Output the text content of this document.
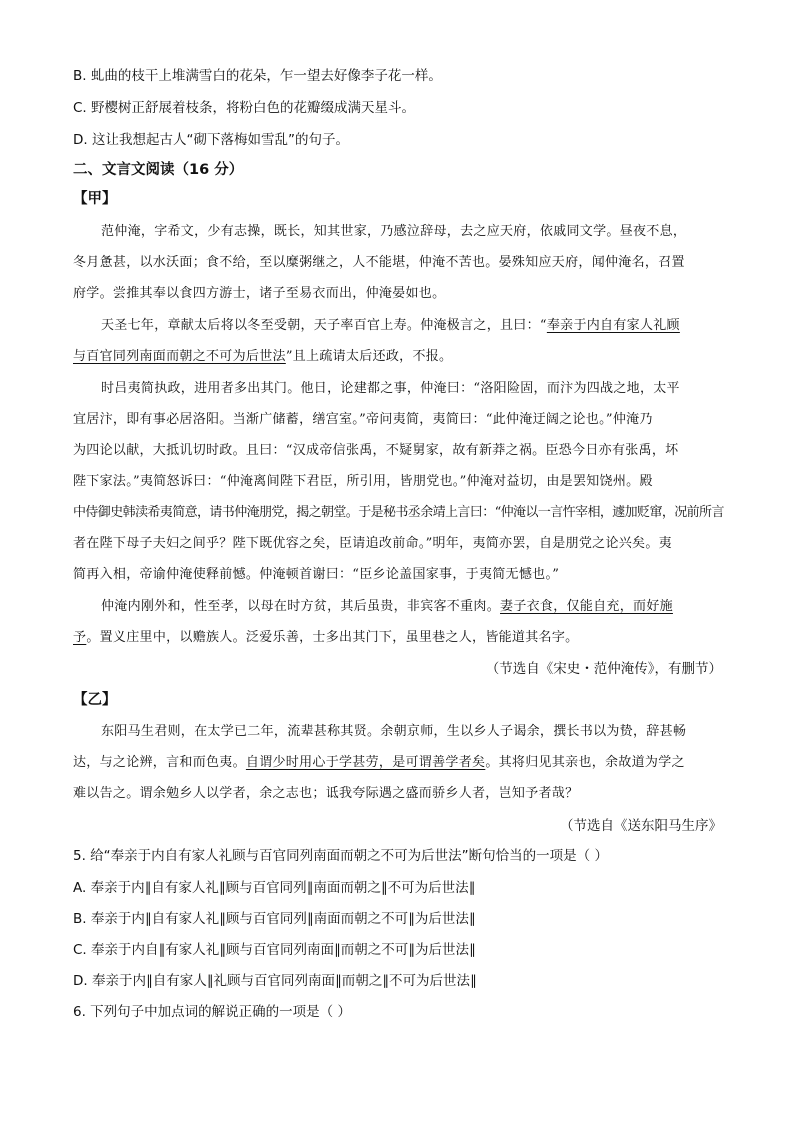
B. 虬曲的枝干上堆满雪白的花朵，乍一望去好像李子花一样。
C. 野樱树正舒展着枝条，将粉白色的花瓣缀成满天星斗。
D. 这让我想起古人“砌下落梅如雪乱”的句子。
二、文言文阅读（16 分）
【甲】
范仲淹，字希文，少有志操，既长，知其世家，乃感泣辞母，去之应天府，依戚同文学。昼夜不息，
冬月惫甚，以水沃面；食不给，至以糜粥继之，人不能堪，仲淹不苦也。晏殊知应天府，闻仲淹名，召置
府学。尝推其奉以食四方游士，诸子至易衣而出，仲淹晏如也。
天圣七年，章献太后将以冬至受朝，天子率百官上寿。仲淹极言之，且曰：“奉亲于内自有家人礼顾
与百官同列南面而朝之不可为后世法”且上疏请太后还政，不报。
时吕夷简执政，进用者多出其门。他日，论建都之事，仲淹曰：“洛阳险固，而汴为四战之地，太平
宜居汴，即有事必居洛阳。当渐广储蓄，缮宫室。”帝问夷简，夷简曰：“此仲淹迂阔之论也。”仲淹乃
为四论以献，大抵讥切时政。且曰：“汉成帝信张禹，不疑舅家，故有新莽之祸。臣恐今日亦有张禹，坏
陛下家法。”夷简怒诉曰：“仲淹离间陛下君臣，所引用，皆朋党也。”仲淹对益切，由是罢知饶州。殿
中侍御史韩渎希夷简意，请书仲淹朋党，揭之朝堂。于是秘书丞余靖上言曰：“仲淹以一言忤宰相，遽加贬窜，况前所言
者在陛下母子夫妇之间乎？陛下既优容之矣，臣请追改前命。”明年，夷简亦罢，自是朋党之论兴矣。夷
简再入相，帝谕仲淹使释前憾。仲淹顿首谢曰：“臣乡论盖国家事，于夷简无憾也。”
仲淹内刚外和，性至孝，以母在时方贫，其后虽贵，非宾客不重肉。妻子衣食，仅能自充，而好施
予。置义庄里中，以赡族人。泛爱乐善，士多出其门下，虽里巷之人，皆能道其名字。
（节选自《宋史・范仲淹传》，有删节）
【乙】
东阳马生君则，在太学已二年，流辈甚称其贤。余朝京师，生以乡人子谒余，撰长书以为贽，辞甚畅
达，与之论辨，言和而色夷。自谓少时用心于学甚劳，是可谓善学者矣。其将归见其亲也，余故道为学之
难以告之。谓余勉乡人以学者，余之志也；诋我夸际遇之盛而骄乡人者，岂知予者哉？
（节选自《送东阳马生序》
5. 给“奉亲于内自有家人礼顾与百官同列南面而朝之不可为后世法”断句恰当的一项是（ ）
A. 奉亲于内∥自有家人礼∥顾与百官同列∥南面而朝之∥不可为后世法∥
B. 奉亲于内∥自有家人礼∥顾与百官同列∥南面而朝之不可∥为后世法∥
C. 奉亲于内自∥有家人礼∥顾与百官同列南面∥而朝之不可∥为后世法∥
D. 奉亲于内∥自有家人∥礼顾与百官同列南面∥而朝之∥不可为后世法∥
6. 下列句子中加点词的解说正确的一项是（ ）
